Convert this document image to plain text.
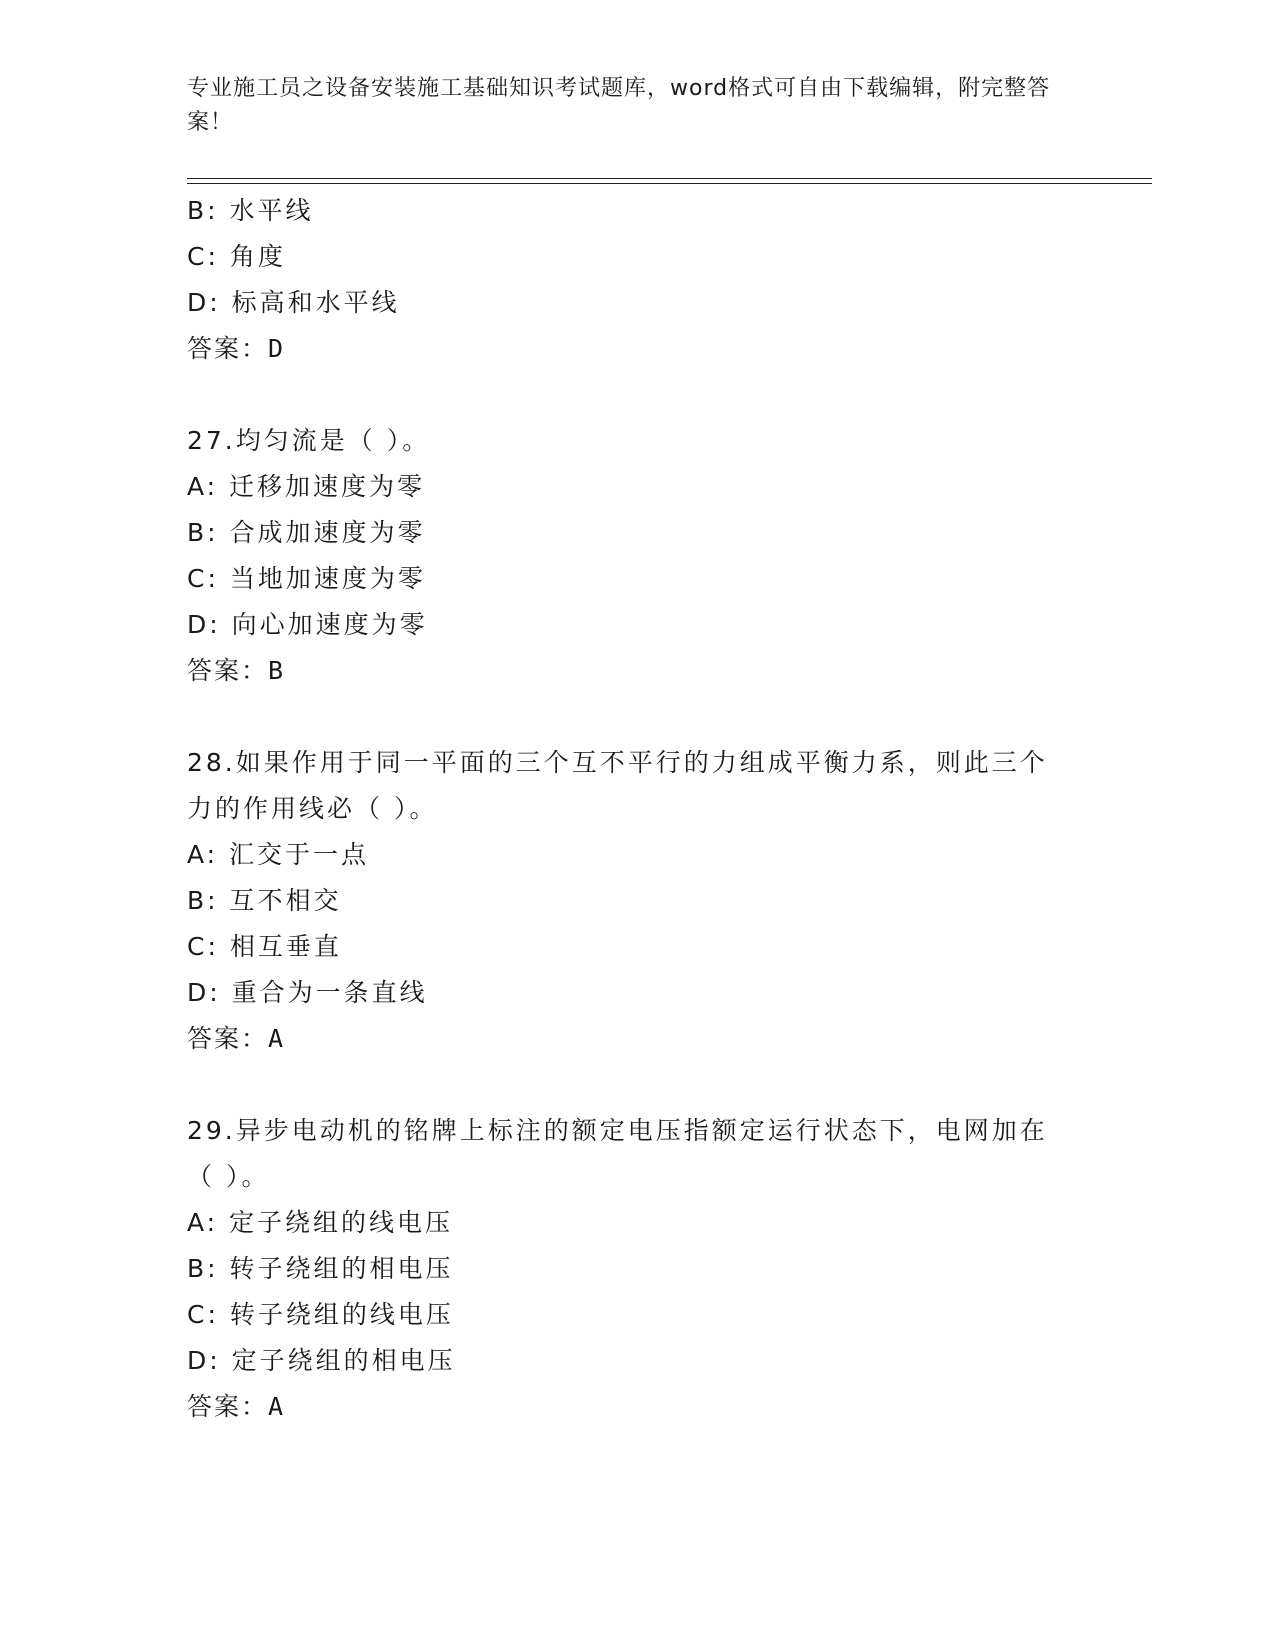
专业施工员之设备安装施工基础知识考试题库，word格式可自由下载编辑，附完整答案！
B: 水平线
C: 角度
D: 标高和水平线
答案：D
27.均匀流是（ ）。
A: 迁移加速度为零
B: 合成加速度为零
C: 当地加速度为零
D: 向心加速度为零
答案：B
28.如果作用于同一平面的三个互不平行的力组成平衡力系，则此三个
力的作用线必（ ）。
A: 汇交于一点
B: 互不相交
C: 相互垂直
D: 重合为一条直线
答案：A
29.异步电动机的铭牌上标注的额定电压指额定运行状态下，电网加在
（ ）。
A: 定子绕组的线电压
B: 转子绕组的相电压
C: 转子绕组的线电压
D: 定子绕组的相电压
答案：A
